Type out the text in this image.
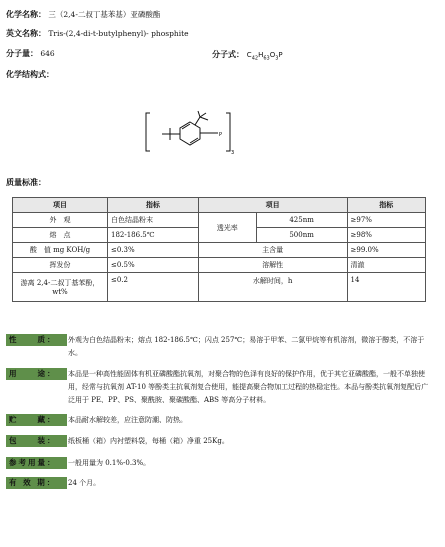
化学名称： 三（2,4-二叔丁基苯基）亚磷酸酯
英文名称： Tris-(2,4-di-t-butylphenyl)- phosphite
分子量： 646	分子式： $C_{42}H_{63}O_3P$
化学结构式：
P
3
质量标准：
项目	指标	项目		指标
外　观	白色结晶粉末	透光率	425nm	≥97%
熔　点	182-186.5℃		500nm	≥98%
酸　值 mg KOH/g	≤0.3%	主含量		≥99.0%
挥发份	≤0.5%	溶解性		清澈
游离 2,4-二叔丁基苯酚，wt%	≤0.2	水解时间，h		14
性　　质：	外观为白色结晶粉末；熔点 182-186.5℃；闪点 257℃；易溶于甲苯、二氯甲烷等有机溶剂，微溶于醇类，不溶于水。
用　　途：	本品是一种高性能固体有机亚磷酸酯抗氧剂，对聚合物的色泽有良好的保护作用，优于其它亚磷酸酯，一般不单独使用，经常与抗氧剂 AT-10 等酚类主抗氧剂复合使用，能提高聚合物加工过程的热稳定性。本品与酚类抗氧剂复配后广泛用于 PE、PP、PS、聚酰胺、聚碳酸酯、ABS 等高分子材料。
贮　　藏：	本品耐水解较差，应注意防潮、防热。
包　　装：	纸板桶（箱）内衬塑料袋，每桶（箱）净重 25Kg。
参考用量：	一般用量为 0.1%-0.3%。
有 效 期：	24 个月。
